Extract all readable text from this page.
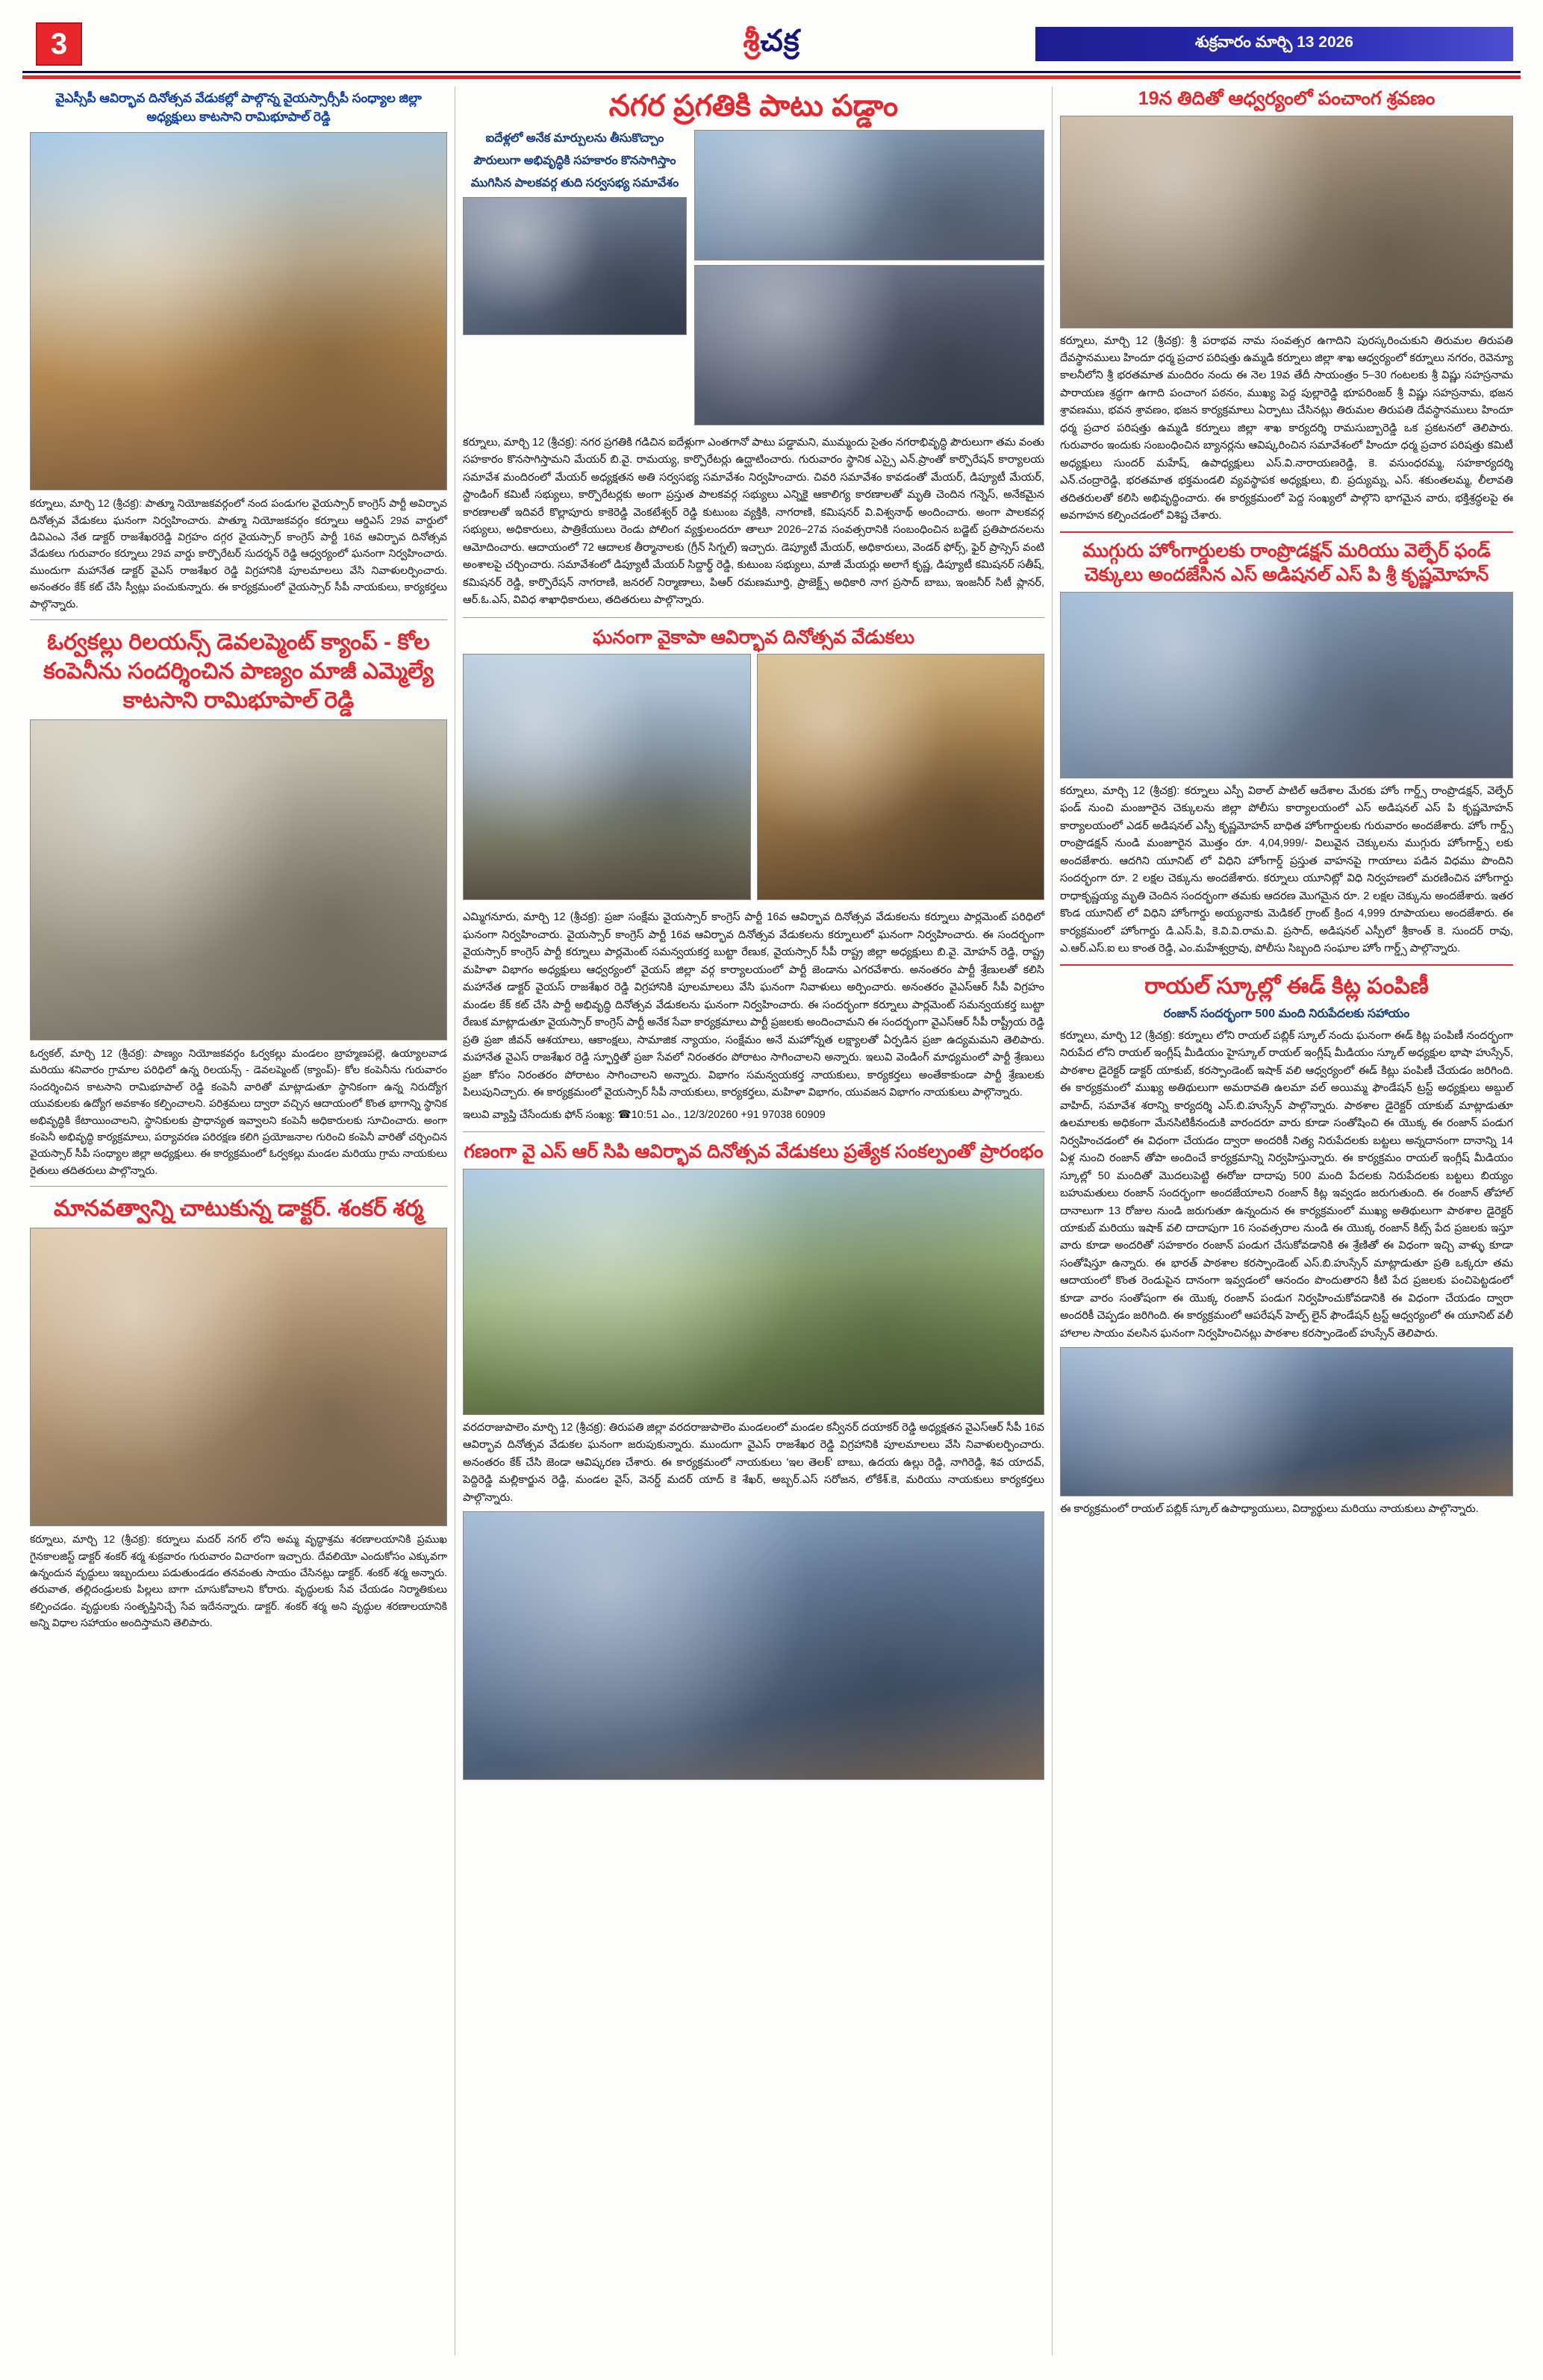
3	శ్రీచక్ర	శుక్రవారం మార్చి 13 2026
వైఎస్సీపీ ఆవిర్భావ దినోత్సవ వేడుకల్లో పాల్గొన్న వైయస్సార్సీపీ సంధ్యాల జిల్లా అధ్యక్షులు కాటసాని రామిభూపాల్ రెడ్డి
కర్నూలు, మార్చి 12 (శ్రీచక్ర): పాత్మూ నియోజకవర్గంలో నంద పండుగల వైయస్సార్ కాంగ్రెస్ పార్టీ అవిర్భావ దినోత్సవ వేడుకలు ఘనంగా నిర్వహించారు. పాత్మూ నియోజకవర్గం కర్నూలు ఆర్డిఎస్ 29వ వార్డులో డివిఎంఎ నేత డాక్టర్ రాజశేఖరరెడ్డి విగ్రహం దగ్గర వైయస్సార్ కాంగ్రెస్ పార్టీ 16వ ఆవిర్భావ దినోత్సవ వేడుకలు గురువారం కర్నూలు 29వ వార్డు కార్పొరేటర్ సుదర్శన్ రెడ్డి ఆధ్వర్యంలో ఘనంగా నిర్వహించారు. ముందుగా మహానేత డాక్టర్ వైఎస్ రాజశేఖర రెడ్డి విగ్రహానికి పూలమాలలు వేసి నివాళులర్పించారు. అనంతరం కేక్ కట్ చేసి స్వీట్లు పంచుకున్నారు. ఈ కార్యక్రమంలో వైయస్సార్ సీపీ నాయకులు, కార్యకర్తలు పాల్గొన్నారు.
ఓర్వకల్లు రిలయన్స్ డెవలప్మెంట్ క్యాంప్ - కోల కంపెనీను సందర్శించిన పాణ్యం మాజీ ఎమ్మెల్యే కాటసాని రామిభూపాల్ రెడ్డి
ఓర్వకల్, మార్చి 12 (శ్రీచక్ర): పాణ్యం నియోజకవర్గం ఓర్వకల్లు మండలం బ్రాహ్మణపల్లె, ఉయ్యాలవాడ మరియు శనివారం గ్రామాల పరిధిలో ఉన్న రిలయన్స్ - డెవలప్మెంట్ (క్యాంప్)- కోల కంపెనీను గురువారం సందర్శించిన కాటసాని రామిభూపాల్ రెడ్డి కంపెనీ వారితో మాట్లాడుతూ స్థానికంగా ఉన్న నిరుద్యోగ యువకులకు ఉద్యోగ అవకాశం కల్పించాలని. పరిశ్రమలు ద్వారా వచ్చిన ఆదాయంలో కొంత భాగాన్ని స్థానిక అభివృద్ధికి కేటాయించాలని, స్థానికులకు ప్రాధాన్యత ఇవ్వాలని కంపెనీ అధికారులకు సూచించారు. అంగా కంపెనీ అభివృద్ధి కార్యక్రమాలు, పర్యావరణ పరిరక్షణ కలిగి ప్రయోజనాల గురించి కంపెనీ వారితో చర్చించిన వైయస్సార్ సీపీ సంధ్యాల జిల్లా అధ్యక్షులు. ఈ కార్యక్రమంలో ఓర్వకల్లు మండల మరియు గ్రామ నాయకులు రైతులు తదితరులు పాల్గొన్నారు.
మానవత్వాన్ని చాటుకున్న డాక్టర్. శంకర్ శర్మ
కర్నూలు, మార్చి 12 (శ్రీచక్ర): కర్నూలు మదర్ నగర్ లోని అమ్మ వృద్ధాశ్రమ శరణాలయానికి ప్రముఖ గైనకాలజిస్ట్ డాక్టర్ శంకర్ శర్మ శుక్రవారం గురువారం విచారంగా ఇచ్చారు. దేవలియో ఎందుకోసం ఎక్కువగా ఉన్నందున వృద్ధులు ఇబ్బందులు పడుతుండడం తనవంతు సాయం చేసినట్లు డాక్టర్. శంకర్ శర్మ అన్నారు. తరువాత, తల్లిదండ్రులకు పిల్లలు బాగా చూసుకోవాలని కోరారు. వృద్ధులకు సేవ చేయడం నిర్మాతికులు కల్పించడం. వృద్ధులకు సంతృప్తినిచ్చే సేవ ఇదేనన్నారు. డాక్టర్. శంకర్ శర్మ అని వృద్ధుల శరణాలయానికి అన్ని విధాల సహాయం అందిస్తామని తెలిపారు.
నగర ప్రగతికి పాటు పడ్డాం
ఐదేళ్లలో అనేక మార్పులను తీసుకొచ్చాం
పౌరులుగా అభివృద్ధికి సహకారం కొనసాగిస్తాం
ముగిసిన పాలకవర్గ తుది సర్వసభ్య సమావేశం
కర్నూలు, మార్చి 12 (శ్రీచక్ర): నగర ప్రగతికి గడిచిన ఐదేళ్లుగా ఎంతగానో పాటు పడ్డామని, ముమ్మందు సైతం నగరాభివృద్ధి పౌరులుగా తమ వంతు సహకారం కొనసాగిస్తామని మేయర్ బి.వై. రామయ్య, కార్పొరేటర్లు ఉద్ఘాటించారు. గురువారం స్థానిక ఎస్సై ఎన్.ప్రాంతో కార్పొరేషన్ కార్యాలయ సమావేశ మందిరంలో మేయర్ అధ్యక్షతన అతి సర్వసభ్య సమావేశం నిర్వహించారు. చివరి సమావేశం కావడంతో మేయర్, డిప్యూటీ మేయర్, స్టాండింగ్ కమిటీ సభ్యులు, కార్పొరేటర్లకు అంగా ప్రస్తుత పాలకవర్గ సభ్యులు ఎన్నికై ఆకాలిగ్య కారణాలతో మృతి చెందిన గన్నెస్, అనేకమైన కారణాలతో ఇదివరే కొల్లాపూరు కాకెరెడ్డి వెంకటేశ్వర్ రెడ్డి కుటుంబ వ్యక్తికి, నాగరాణి, కమిషనర్ వి.విశ్వనాథ్ అందించారు. అంగా పాలకవర్గ సభ్యులు, అధికారులు, పాత్రికేయులు రెండు పోలింగ వ్యక్తులందరూ తాలూ 2026–27వ సంవత్సరానికి సంబంధించిన బడ్జెట్ ప్రతిపాదనలను ఆమోదించారు. ఆదాయంలో 72 ఆదాలక తీర్మానాలకు (గ్రీన్ సిగ్నల్) ఇచ్చారు. డెప్యూటీ మేయర్, అధికారులు, వెండర్ ఫోర్స్, ఫైర్ ప్రాస్సెస్ వంటి అంశాలపై చర్చించారు. సమావేశంలో డిప్యూటీ మేయర్ సిద్దార్థ్ రెడ్డి, కుటుంబ సభ్యులు, మాజీ మేయర్లు అలాగే కృష్ణ, డిప్యూటీ కమిషనర్ సతీష్, కమిషనర్ రెడ్డి, కార్పొరేషన్ నాగరాణి, జనరల్ నిర్మాణాలు, పిఆర్ రమణమూర్తి, ప్రాజెక్ట్స్ అధికారి నాగ ప్రసాద్ బాబు, ఇంజనీర్ సిటీ ప్లానర్, ఆర్.ఓ.ఎస్, వివిధ శాఖాధికారులు, తదితరులు పాల్గొన్నారు.
ఘనంగా వైకాపా ఆవిర్భావ దినోత్సవ వేడుకలు
ఎమ్మిగనూరు, మార్చి 12 (శ్రీచక్ర): ప్రజా సంక్షేమ వైయస్సార్ కాంగ్రెస్ పార్టీ 16వ ఆవిర్భావ దినోత్సవ వేడుకలను కర్నూలు పార్లమెంట్ పరిధిలో ఘనంగా నిర్వహించారు. వైయస్సార్ కాంగ్రెస్ పార్టీ 16వ ఆవిర్భావ దినోత్సవ వేడుకలను కర్నూలులో ఘనంగా నిర్వహించారు. ఈ సందర్భంగా వైయస్సార్ కాంగ్రెస్ పార్టీ కర్నూలు పార్లమెంట్ సమన్వయకర్త బుట్టా రేణుక, వైయస్సార్ సీపీ రాష్ట్ర జిల్లా అధ్యక్షులు బి.వై. మోహన్ రెడ్డి, రాష్ట్ర మహిళా విభాగం అధ్యక్షులు ఆధ్వర్యంలో వైయస్ జిల్లా వర్గ కార్యాలయంలో పార్టీ జెండాను ఎగరవేశారు. అనంతరం పార్టీ శ్రేణులతో కలిసి మహానేత డాక్టర్ వైయస్ రాజశేఖర రెడ్డి విగ్రహానికి పూలమాలలు వేసి ఘనంగా నివాళులు అర్పించారు. అనంతరం వైఎస్ఆర్ సీపీ విగ్రహం మండల కేక్ కట్ చేసి పార్టీ అభివృద్ధి దినోత్సవ వేడుకలను ఘనంగా నిర్వహించారు. ఈ సందర్భంగా కర్నూలు పార్లమెంట్ సమన్వయకర్త బుట్టా రేణుక మాట్లాడుతూ వైయస్సార్ కాంగ్రెస్ పార్టీ అనేక సేవా కార్యక్రమాలు పార్టీ ప్రజలకు అందించామని ఈ సందర్భంగా వైఎస్ఆర్ సీపీ రాష్ట్రీయ రెడ్డి ప్రతి ప్రజా జీవన్ ఆశయాలు, ఆకాంక్షలు, సామాజిక న్యాయం, సంక్షేమం అనే మహోన్నత లక్ష్యాలతో ఏర్పడిన ప్రజా ఉద్యమమని తెలిపారు. మహానేత వైఎస్ రాజశేఖర రెడ్డి స్ఫూర్తితో ప్రజా సేవలో నిరంతరం పోరాటం సాగించాలని అన్నారు. ఇలువి వెండింగ్ మాధ్యమంలో పార్టీ శ్రేణులు ప్రజా కోసం నిరంతరం పోరాటం సాగించాలని అన్నారు. విభాగం సమన్వయకర్త నాయకులు, కార్యకర్తలు అంతేకాకుండా పార్టీ శ్రేణులకు పిలుపునిచ్చారు. ఈ కార్యక్రమంలో వైయస్సార్ సీపీ నాయకులు, కార్యకర్తలు, మహిళా విభాగం, యువజన విభాగం నాయకులు పాల్గొన్నారు.
ఇలువి వ్యాప్తి చేసేందుకు ఫోన్ సంఖ్య: ☎10:51 ఎం., 12/3/20260 +91 97038 60909
గణంగా వై ఎస్ ఆర్ సిపి ఆవిర్భావ దినోత్సవ వేడుకలు ప్రత్యేక సంకల్పంతో ప్రారంభం
వరదరాజుపాలెం మార్చి 12 (శ్రీచక్ర): తిరుపతి జిల్లా వరదరాజుపాలెం మండలంలో మండల కన్వీనర్ దయాకర్ రెడ్డి అధ్యక్షతన వైఎస్ఆర్ సీపీ 16వ ఆవిర్భావ దినోత్సవ వేడుకల ఘనంగా జరుపుకున్నారు. ముందుగా వైఎస్ రాజశేఖర రెడ్డి విగ్రహానికి పూలమాలలు వేసి నివాళులర్పించారు. అనంతరం కేక్ చేసి జెండా ఆవిష్కరణ చేశారు. ఈ కార్యక్రమంలో నాయకులు 'ఇల తెలక్' బాబు, ఉదయ ఉల్లు రెడ్డి, నాగిరెడ్డి, శివ యాదవ్, పెద్దిరెడ్డి మల్లికార్జున రెడ్డి, మండల వైస్, వెనర్డ్ మదర్ యాద్ కె శేఖర్, అబ్బర్.ఎస్ సరోజన, లోకేశ్.కె, మరియు నాయకులు కార్యకర్తలు పాల్గొన్నారు.
19న తిదితో ఆధ్వర్యంలో పంచాంగ శ్రవణం
కర్నూలు, మార్చి 12 (శ్రీచక్ర): శ్రీ పరాభవ నామ సంవత్సర ఉగాదిని పురస్కరించుకుని తిరుమల తిరుపతి దేవస్థానములు హిందూ ధర్మ ప్రచార పరిషత్తు ఉమ్మడి కర్నూలు జిల్లా శాఖ ఆధ్వర్యంలో కర్నూలు నగరం, రెవెన్యూ కాలనీలోని శ్రీ భరతమాత మందిరం నందు ఈ నెల 19వ తేదీ సాయంత్రం 5–30 గంటలకు శ్రీ విష్ణు సహస్రనామ పారాయణ శ్రద్ధగా ఉగాది పంచాంగ పఠనం, ముఖ్య పెద్ద పుల్లారెడ్డి భూపరింజర్ శ్రీ విష్ణు సహస్రనామ, భజన శ్రావణము, భవన శ్రావణం, భజన కార్యక్రమాలు ఏర్పాటు చేసినట్లు తిరుమల తిరుపతి దేవస్థానములు హిందూ ధర్మ ప్రచార పరిషత్తు ఉమ్మడి కర్నూలు జిల్లా శాఖ కార్యదర్శి రామసుబ్బారెడ్డి ఒక ప్రకటనలో తెలిపారు. గురువారం ఇందుకు సంబంధించిన బ్యానర్లను ఆవిష్కరించిన సమావేశంలో హిందూ ధర్మ ప్రచార పరిషత్తు కమిటీ అధ్యక్షులు సుందర్ మహేష్, ఉపాధ్యక్షులు ఎస్.వి.నారాయణరెడ్డి, కె. వసుంధరమ్మ, సహకార్యదర్శి ఎన్.చంద్రారెడ్డి, భరతమాత భక్తమండలి వ్యవస్థాపక అధ్యక్షులు, బి. ప్రద్యుమ్న, ఎస్. శకుంతలమ్మ, లీలావతి తదితరులతో కలిసి అభివృద్ధించారు. ఈ కార్యక్రమంలో పెద్ద సంఖ్యలో పాల్గొని భాగమైన వారు, భక్తిశ్రద్ధలపై ఈ అవగాహన కల్పించడంలో విశిష్ట చేశారు.
ముగ్గురు హోంగార్డులకు రాంప్రొడక్షన్ మరియు వెల్ఫేర్ ఫండ్ చెక్కులు అందజేసిన ఎస్ అడిషనల్ ఎస్ పి శ్రీ కృష్ణమోహన్
కర్నూలు, మార్చి 12 (శ్రీచక్ర): కర్నూలు ఎస్పీ విఠాల్ పాటిల్ ఆదేశాల మేరకు హోం గార్డ్స్ రాంప్రొడక్షన్, వెల్ఫేర్ ఫండ్ నుంచి మంజూరైన చెక్కులను జిల్లా పోలీసు కార్యాలయంలో ఎస్ అడిషనల్ ఎస్ పి కృష్ణమోహన్ కార్యాలయంలో ఎడర్ అడిషనల్ ఎస్పీ కృష్ణమోహన్ బాధిత హోంగార్డులకు గురువారం అందజేశారు. హోం గార్డ్స్ రాంప్రొడక్షన్ నుండి మంజూరైన మొత్తం రూ. 4,04,999/- విలువైన చెక్కులను ముగ్గురు హోంగార్డ్స్ లకు అందజేశారు. ఆదగిని యూనిట్ లో విధిని హోంగార్డ్ ప్రస్తుత వాహనపై గాయాలు పడిన విధము పొందిని సందర్భంగా రూ. 2 లక్షల చెక్కును అందజేశారు. కర్నూలు యూనిట్లో విధి నిర్వహణలో మరణించిన హోంగార్డు రాధాకృష్ణయ్య మృతి చెందిన సందర్భంగా తమకు ఆదరణ మొగమైన రూ. 2 లక్షల చెక్కును అందజేశారు. ఇతర కొండ యూనిట్ లో విధిని హోంగార్డు అయ్యనాకు మెడికల్ గ్రాంట్ క్రింద 4,999 రూపాయలు అందజేశారు. ఈ కార్యక్రమంలో హోంగార్డు డి.ఎస్.పి, కె.వి.వి.రామ.వి. ప్రసాద్, అడిషనల్ ఎస్పీలో శ్రీకాంత్ కె. సుందర్ రావు, ఎ.ఆర్.ఎస్.ఐ లు కాంత రెడ్డి, ఎం.మహేశ్వర్రావు, పోలీసు సిబ్బంది సంఘాల హోం గార్డ్స్ పాల్గొన్నారు.
రాయల్ స్కూల్లో ఈడ్ కిట్ల పంపిణీ
రంజాన్ సందర్భంగా 500 మంది నిరుపేదలకు సహాయం
కర్నూలు, మార్చి 12 (శ్రీచక్ర): కర్నూలు లోని రాయల్ పబ్లిక్ స్కూల్ నందు ఘనంగా ఈడ్ కిట్ల పంపిణీ నందర్భంగా నిరుపేద లోని రాయల్ ఇంగ్లీష్ మీడియం హైస్కూల్ రాయల్ ఇంగ్లీష్ మీడియం స్కూల్ అధ్యక్షుల భాషా హుస్సేన్, పాఠశాల డైరెక్టర్ డాక్టర్ యాకుబ్, కరస్పాండెంట్ ఇషాక్ వలి ఆధ్వర్యంలో ఈడ్ కిట్లు పంపిణీ చేయడం జరిగింది. ఈ కార్యక్రమంలో ముఖ్య అతిథులుగా అమరావతి ఉలమా వల్ అయిమ్మ ఫౌండేషన్ ట్రస్ట్ అధ్యక్షులు అబ్దుల్ వాహిద్, సమావేశ శరాన్ని కార్యదర్శి ఎస్.బి.హుస్సేన్ పాల్గొన్నారు. పాఠశాల డైరెక్టర్ యాకుబ్ మాట్లాడుతూ ఉలమాలకు అధికంగా మేనసిటికీనందుకి వారందరూ వారు కూడా సంతోషించి ఈ యొక్క ఈ రంజాన్ పండుగ నిర్వహించడంలో ఈ విధంగా చేయడం ద్వారా అందరికీ నిత్య నిరుపేదలకు బట్టలు అన్నదానంగా దానాన్ని 14 ఏళ్ల నుంచి రంజాన్ తోపా అందించే కార్యక్రమాన్ని నిర్వహిస్తున్నారు. ఈ కార్యక్రమం రాయల్ ఇంగ్లీష్ మీడియం స్కూల్లో 50 మందితో మొదలుపెట్టి ఈరోజు దాదాపు 500 మంది పేదలకు నిరుపేదలకు బట్టలు బియ్యం బహుమతులు రంజాన్ సందర్భంగా అందజేయాలని రంజాన్ కిట్ల ఇవ్వడం జరుగుతుంది. ఈ రంజాన్ తోహాల్ దానాలుగా 13 రోజుల నుండి జరుగుతూ ఉన్నందున ఈ కార్యక్రమంలో ముఖ్య అతిథులుగా పాఠశాల డైరెక్టర్ యాకుబ్ మరియు ఇషాక్ వలి దాదాపుగా 16 సంవత్సరాల నుండి ఈ యొక్క రంజాన్ కిట్స్ పేద ప్రజలకు ఇస్తూ వారు కూడా అందరితో సహకారం రంజాన్ పండుగ చేసుకోవడానికి ఈ శ్రేణితో ఈ విధంగా ఇచ్చి వాళ్ళు కూడా సంతోషిస్తూ ఉన్నారు. ఈ భారత్ పాఠశాల కరస్పాండెంట్ ఎస్.బి.హుస్సేన్ మాట్లాడుతూ ప్రతి ఒక్కరూ తమ ఆదాయంలో కొంత రెండుపైన దానంగా ఇవ్వడంలో ఆనందం పొందుతారని కీటి పేద ప్రజలకు పంచిపెట్టడంలో కూడా వారం సంతోషంగా ఈ యొక్క రంజాన్ పండుగ నిర్వహించుకోవడానికి ఈ విధంగా చేయడం ద్వారా అందరికీ చెప్పడం జరిగింది. ఈ కార్యక్రమంలో ఆపరేషన్ హెల్ప్ లైన్ ఫౌండేషన్ ట్రస్ట్ ఆధ్వర్యంలో ఈ యూనిట్ వలీ హాలాల సాయం వలసిన ఘనంగా నిర్వహించినట్లు పాఠశాల కరస్పాండెంట్ హుస్సేన్ తెలిపారు.
ఈ కార్యక్రమంలో రాయల్ పబ్లిక్ స్కూల్ ఉపాధ్యాయులు, విద్యార్థులు మరియు నాయకులు పాల్గొన్నారు.
